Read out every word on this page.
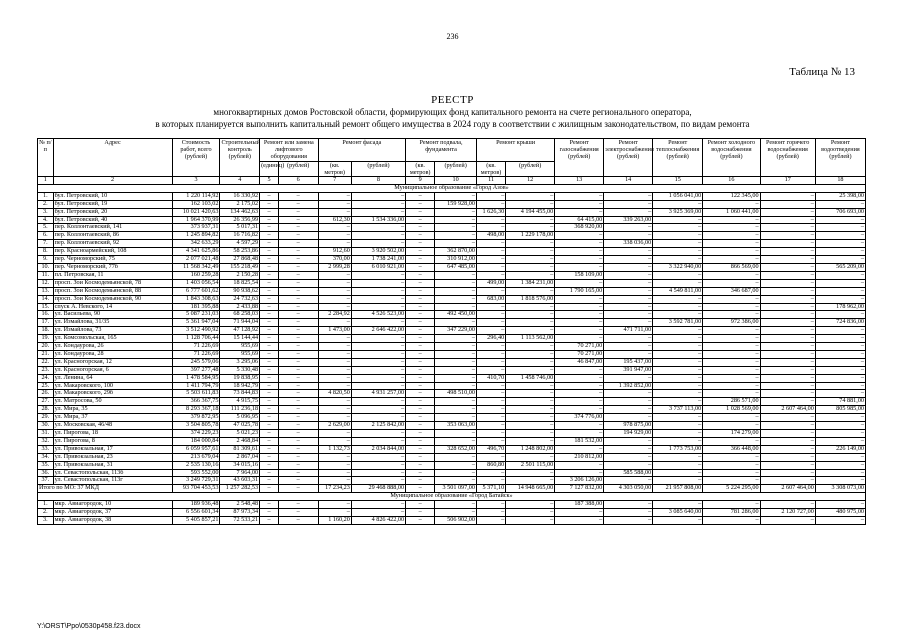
236
Таблица № 13
РЕЕСТР
многоквартирных домов Ростовской области, формирующих фонд капитального ремонта на счете регионального оператора,
в которых планируется выполнить капитальный ремонт общего имущества в 2024 году в соответствии с жилищным законодательством, по видам ремонта
№ п/п	Адрес	Стоимость работ, всего (рублей)	Строительный контроль (рублей)	Ремонт или замена лифтового оборудования		Ремонт фасада		Ремонт подвала, фундамента		Ремонт крыши		Ремонт газоснабжения (рублей)	Ремонт электроснабжения (рублей)	Ремонт теплоснабжения (рублей)	Ремонт холодного водоснабжения (рублей)	Ремонт горячего водоснабжения (рублей)	Ремонт водоотведения (рублей)
				(единиц)	(рублей)	(кв. метров)	(рублей)	(кв. метров)	(рублей)	(кв. метров)	(рублей)						
1	2	3	4	5	6	7	8	9	10	11	12	13	14	15	16	17	18
Муниципальное образование «Город Азов»																	
1.	бул. Петровский, 10	1 220 114,92	16 330,92	–	–	–	–	–	–	–	–	–	–	1 056 041,00	122 345,00	–	25 398,00
2.	бул. Петровский, 19	162 103,02	2 175,02	–	–	–	–	–	159 928,00	–	–	–	–	–	–	–	–
3.	бул. Петровский, 20	10 021 420,63	134 462,63	–	–	–	–	–	–	1 626,30	4 194 455,00	–	–	3 925 369,00	1 060 441,00	–	706 693,00
4.	бул. Петровский, 40	1 964 370,99	26 356,99	–	–	612,30	1 534 336,00	–	–	–	–	64 415,00	339 263,00	–	–	–	–
5.	пер. Коллонтаевский, 141	373 937,31	5 017,31	–	–	–	–	–	–	–	–	368 920,00	–	–	–	–	–
6.	пер. Коллонтаевский, 86	1 245 894,82	16 716,82	–	–	–	–	–	–	498,00	1 229 178,00	–	–	–	–	–	–
7.	пер. Коллонтаевский, 92	342 633,29	4 597,29	–	–	–	–	–	–	–	–	–	338 036,00	–	–	–	–
8.	пер. Красноармейский, 108	4 341 625,86	58 253,86	–	–	912,60	3 920 502,00	–	362 870,00	–	–	–	–	–	–	–	–
9.	пер. Черноморский, 75	2 077 021,48	27 868,48	–	–	370,00	1 738 241,00	–	310 912,00	–	–	–	–	–	–	–	–
10.	пер. Черноморский, 77б	11 568 342,49	155 218,49	–	–	2 999,28	6 010 921,00	–	647 485,00	–	–	–	–	3 322 940,00	866 569,00	–	565 209,00
11.	пл. Петровская, 11	160 259,28	2 150,28	–	–	–	–	–	–	–	–	158 109,00	–	–	–	–	–
12.	просп. Зои Космодемьянской, 78	1 403 056,54	18 825,54	–	–	–	–	–	–	499,00	1 384 231,00	–	–	–	–	–	–
13.	просп. Зои Космодемьянской, 88	6 777 601,62	90 938,62	–	–	–	–	–	–	–	–	1 790 165,00	–	4 549 811,00	346 687,00	–	–
14.	просп. Зои Космодемьянской, 90	1 843 308,63	24 732,63	–	–	–	–	–	–	683,00	1 818 576,00	–	–	–	–	–	–
15.	спуск А. Невского, 14	181 395,88	2 433,88	–	–	–	–	–	–	–	–	–	–	–	–	–	178 962,00
16.	ул. Васильева, 90	5 087 231,03	68 258,03	–	–	2 284,92	4 526 523,00	–	492 450,00	–	–	–	–	–	–	–	–
17.	ул. Измайлова, 31/35	5 361 947,04	71 944,04	–	–	–	–	–	–	–	–	–	–	3 592 781,00	972 386,00	–	724 836,00
18.	ул. Измайлова, 73	3 512 490,92	47 128,92	–	–	1 473,00	2 646 422,00	–	347 229,00	–	–	–	471 711,00	–	–	–	–
19.	ул. Комсомольская, 165	1 128 706,44	15 144,44	–	–	–	–	–	–	296,40	1 113 562,00	–	–	–	–	–	–
20.	ул. Кондаурова, 26	71 226,69	955,69	–	–	–	–	–	–	–	–	70 271,00	–	–	–	–	–
21.	ул. Кондаурова, 28	71 226,69	955,69	–	–	–	–	–	–	–	–	70 271,00	–	–	–	–	–
22.	ул. Красногорская, 12	245 579,06	3 295,06	–	–	–	–	–	–	–	–	46 847,00	195 437,00	–	–	–	–
23.	ул. Красногорская, 6	397 277,48	5 330,48	–	–	–	–	–	–	–	–	–	391 947,00	–	–	–	–
24.	ул. Ленина, 64	1 478 584,95	19 838,95	–	–	–	–	–	–	410,70	1 458 746,00	–	–	–	–	–	–
25.	ул. Макаровского, 100	1 411 794,79	18 942,79	–	–	–	–	–	–	–	–	–	1 392 852,00	–	–	–	–
26.	ул. Макаровского, 29б	5 503 611,83	73 844,83	–	–	4 820,50	4 931 257,00	–	498 510,00	–	–	–	–	–	–	–	–
27.	ул. Матросова, 50	366 367,75	4 915,75	–	–	–	–	–	–	–	–	–	–	–	286 571,00	–	74 881,00
28.	ул. Мира, 35	8 293 367,18	111 236,18	–	–	–	–	–	–	–	–	–	–	3 737 113,00	1 028 569,00	2 607 464,00	805 985,00
29.	ул. Мира, 37	379 872,95	5 096,95	–	–	–	–	–	–	–	–	374 776,00	–	–	–	–	–
30.	ул. Московская, 46/48	3 504 805,78	47 025,78	–	–	2 629,00	2 125 842,00	–	353 063,00	–	–	–	978 875,00	–	–	–	–
31.	ул. Пирогова, 18	374 229,23	5 021,23	–	–	–	–	–	–	–	–	–	194 929,00	–	174 279,00	–	–
32.	ул. Пирогова, 8	184 000,84	2 468,84	–	–	–	–	–	–	–	–	181 532,00	–	–	–	–	–
33.	ул. Привокзальная, 17	6 059 957,61	81 309,61	–	–	1 132,73	2 034 844,00	–	328 652,00	496,70	1 248 802,00	–	–	1 773 753,00	366 448,00	–	226 149,00
34.	ул. Привокзальная, 23	213 679,04	2 867,04	–	–	–	–	–	–	–	–	210 812,00	–	–	–	–	–
35.	ул. Привокзальная, 31	2 535 130,16	34 015,16	–	–	–	–	–	–	860,80	2 501 115,00	–	–	–	–	–	–
36.	ул. Севастопольская, 113б	593 552,00	7 964,00	–	–	–	–	–	–	–	–	–	585 588,00	–	–	–	–
37.	ул. Севастопольская, 113г	3 249 729,31	43 603,31	–	–	–	–	–	–	–	–	3 206 126,00	–	–	–	–	–
Итого по МО: 37 МКД		93 704 453,53	1 257 282,53	–	–	17 234,23	29 468 888,00	–	3 501 097,00	5 371,10	14 948 665,00	7 127 832,00	4 303 050,00	21 957 808,00	5 224 295,00	2 607 464,00	3 308 073,00
Муниципальное образование «Город Батайск»																	
1.	мкр. Авиагородок, 10	189 936,48	2 548,48	–	–	–	–	–	–	–	–	187 388,00	–	–	–	–	–
2.	мкр. Авиагородок, 37	6 556 601,34	87 973,34	–	–	–	–	–	–	–	–	–	–	3 085 640,00	781 286,00	2 120 727,00	480 975,00
3.	мкр. Авиагородок, 38	5 405 857,21	72 533,21	–	–	1 160,20	4 826 422,00	–	506 902,00	–	–	–	–	–	–	–	–
Y:\ORST\Ppo\0530p458.f23.docx
